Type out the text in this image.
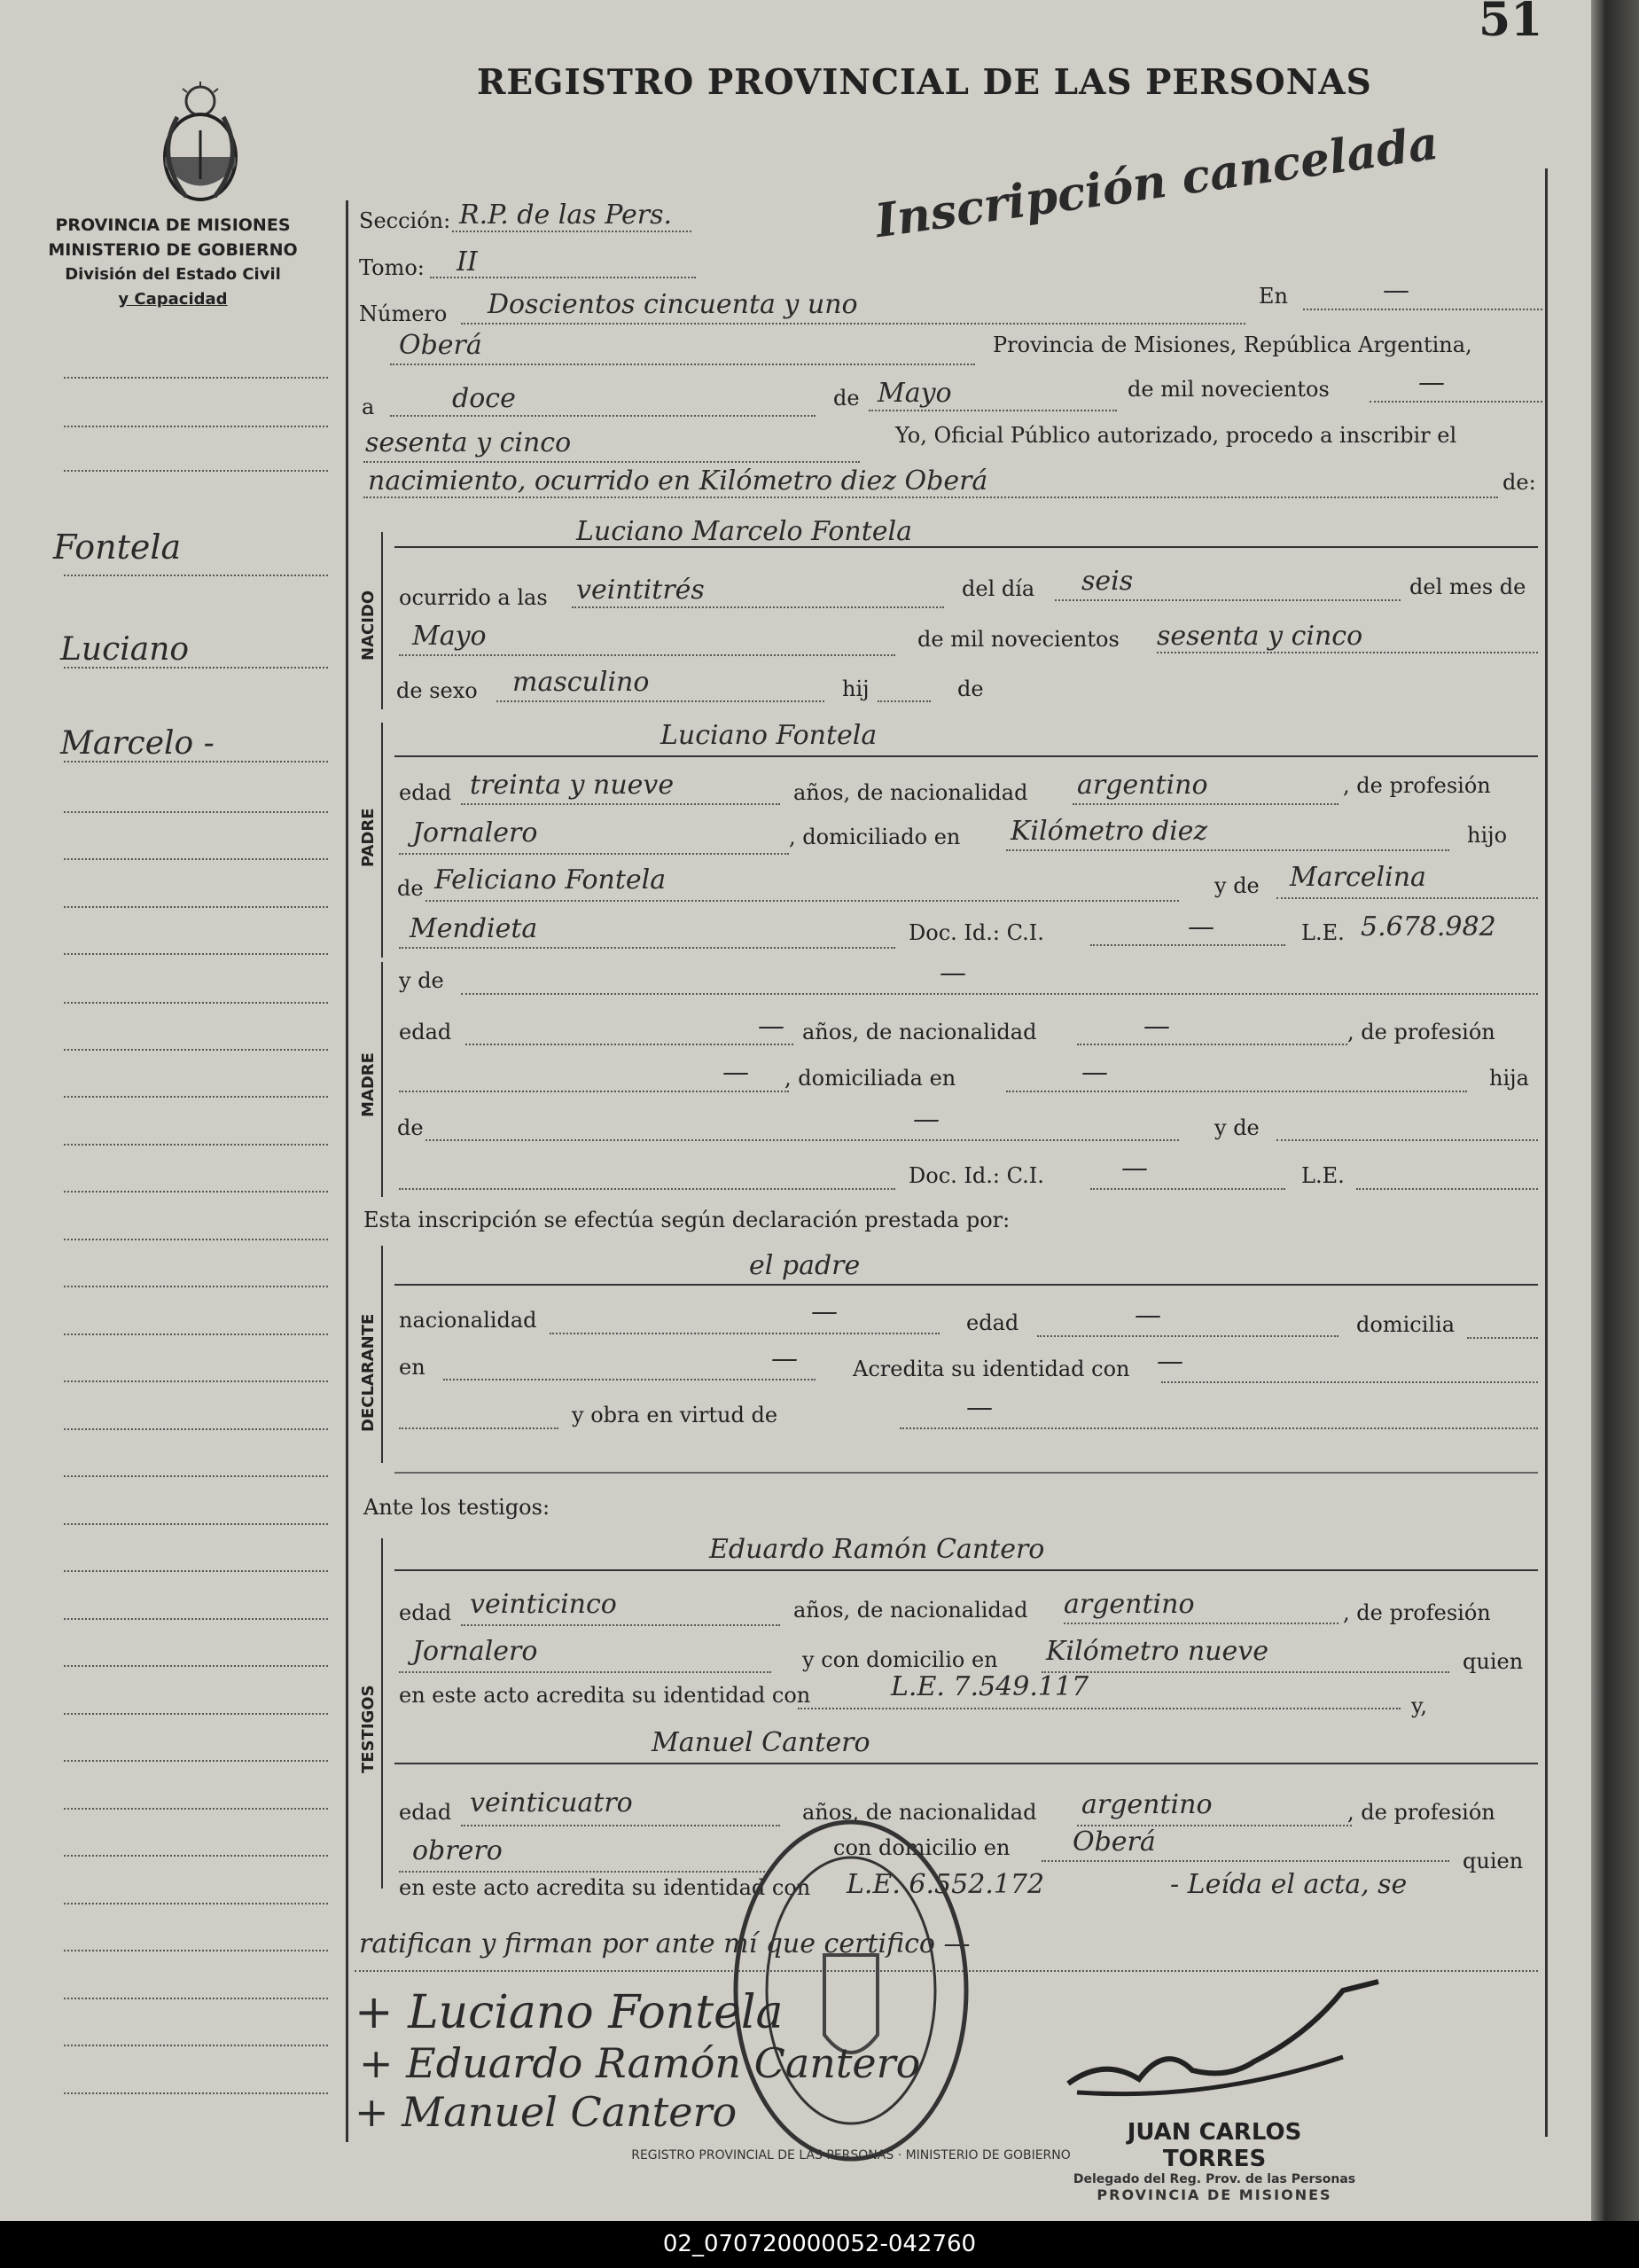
51
REGISTRO PROVINCIAL DE LAS PERSONAS
PROVINCIA DE MISIONES
MINISTERIO DE GOBIERNO
División del Estado Civil
y Capacidad
Fontela
Luciano
Marcelo -
Inscripción cancelada
Sección: R.P. de las Pers.
Tomo: II
Número Doscientos cincuenta y uno	En	—
Oberá	Provincia de Misiones, República Argentina,
a	doce	de Mayo	de mil novecientos	—
sesenta y cinco	Yo, Oficial Público autorizado, procedo a inscribir el
nacimiento, ocurrido en Kilómetro diez Oberá	de:
NACIDO
Luciano Marcelo Fontela
ocurrido a las veintitrés	del día seis	del mes de
Mayo	de mil novecientos sesenta y cinco
de sexo masculino	hij	de
PADRE
Luciano Fontela
edad treinta y nueve	años, de nacionalidad argentino	, de profesión
Jornalero	, domiciliado en Kilómetro diez	hijo
de Feliciano Fontela	y de Marcelina
Mendieta	Doc. Id.: C.I.	—	L.E. 5.678.982
MADRE
y de	—
edad	— años, de nacionalidad	—	, de profesión
— , domiciliada en	—	hija
de	—	y de
Doc. Id.: C.I.	—	L.E.
Esta inscripción se efectúa según declaración prestada por:
DECLARANTE
el padre
nacionalidad	—	edad	—	domicilia
en	—	Acredita su identidad con —
y obra en virtud de	—
Ante los testigos:
TESTIGOS
Eduardo Ramón Cantero
edad veinticinco	años, de nacionalidad argentino	, de profesión
Jornalero	y con domicilio en Kilómetro nueve	quien
en este acto acredita su identidad con	L.E. 7.549.117
y,
Manuel Cantero
edad veinticuatro	años, de nacionalidad argentino	, de profesión
obrero	con domicilio en Oberá
quien
en este acto acredita su identidad con L.E. 6.552.172	- Leída el acta, se
ratifican y firman por ante mí que certifico —
REGISTRO PROVINCIAL DE LAS PERSONAS · MINISTERIO DE GOBIERNO
+ Luciano Fontela
+ Eduardo Ramón Cantero
+ Manuel Cantero	JUAN CARLOS TORRES
Delegado del Reg. Prov. de las Personas
PROVINCIA DE MISIONES
02_070720000052-042760
